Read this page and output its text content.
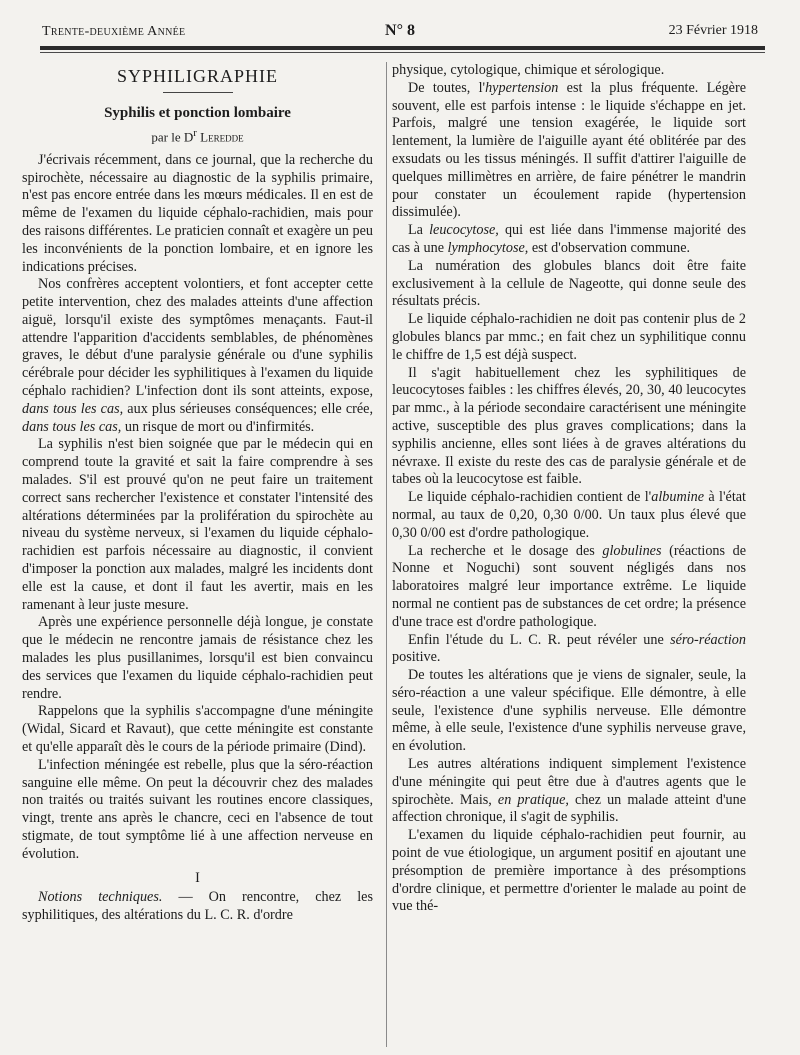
Trente-deuxième Année	N° 8	23 Février 1918
SYPHILIGRAPHIE
Syphilis et ponction lombaire
par le $D^r$ Leredde

J'écrivais récemment, dans ce journal, que la recherche du spirochète, nécessaire au diagnostic de la syphilis primaire, n'est pas encore entrée dans les mœurs médicales. Il en est de même de l'examen du liquide céphalo-rachidien, mais pour des raisons différentes. Le praticien connaît et exagère un peu les inconvénients de la ponction lombaire, et en ignore les indications précises.

Nos confrères acceptent volontiers, et font accepter cette petite intervention, chez des malades atteints d'une affection aiguë, lorsqu'il existe des symptômes menaçants. Faut-il attendre l'apparition d'accidents semblables, de phénomènes graves, le début d'une paralysie générale ou d'une syphilis cérébrale pour décider les syphilitiques à l'examen du liquide céphalo rachidien? L'infection dont ils sont atteints, expose, dans tous les cas, aux plus sérieuses conséquences; elle crée, dans tous les cas, un risque de mort ou d'infirmités.

La syphilis n'est bien soignée que par le médecin qui en comprend toute la gravité et sait la faire comprendre à ses malades. S'il est prouvé qu'on ne peut faire un traitement correct sans rechercher l'existence et constater l'intensité des altérations déterminées par la prolifération du spirochète au niveau du système nerveux, si l'examen du liquide céphalo-rachidien est parfois nécessaire au diagnostic, il convient d'imposer la ponction aux malades, malgré les incidents dont elle est la cause, et dont il faut les avertir, mais en les ramenant à leur juste mesure.

Après une expérience personnelle déjà longue, je constate que le médecin ne rencontre jamais de résistance chez les malades les plus pusillanimes, lorsqu'il est bien convaincu des services que l'examen du liquide céphalo-rachidien peut rendre.

Rappelons que la syphilis s'accompagne d'une méningite (Widal, Sicard et Ravaut), que cette méningite est constante et qu'elle apparaît dès le cours de la période primaire (Dind).

L'infection méningée est rebelle, plus que la séro-réaction sanguine elle même. On peut la découvrir chez des malades non traités ou traités suivant les routines encore classiques, vingt, trente ans après le chancre, ceci en l'absence de tout stigmate, de tout symptôme lié à une affection nerveuse en évolution.

I

Notions techniques. — On rencontre, chez les syphilitiques, des altérations du L. C. R. d'ordre

physique, cytologique, chimique et sérologique.

De toutes, l'hypertension est la plus fréquente. Légère souvent, elle est parfois intense : le liquide s'échappe en jet. Parfois, malgré une tension exagérée, le liquide sort lentement, la lumière de l'aiguille ayant été oblitérée par des exsudats ou les tissus méningés. Il suffit d'attirer l'aiguille de quelques millimètres en arrière, de faire pénétrer le mandrin pour constater un écoulement rapide (hypertension dissimulée).

La leucocytose, qui est liée dans l'immense majorité des cas à une lymphocytose, est d'observation commune.

La numération des globules blancs doit être faite exclusivement à la cellule de Nageotte, qui donne seule des résultats précis.

Le liquide céphalo-rachidien ne doit pas contenir plus de 2 globules blancs par mmc.; en fait chez un syphilitique connu le chiffre de 1,5 est déjà suspect.

Il s'agit habituellement chez les syphilitiques de leucocytoses faibles : les chiffres élevés, 20, 30, 40 leucocytes par mmc., à la période secondaire caractérisent une méningite active, susceptible des plus graves complications; dans la syphilis ancienne, elles sont liées à de graves altérations du névraxe. Il existe du reste des cas de paralysie générale et de tabes où la leucocytose est faible.

Le liquide céphalo-rachidien contient de l'albumine à l'état normal, au taux de 0,20, 0,30 0/00. Un taux plus élevé que 0,30 0/00 est d'ordre pathologique.

La recherche et le dosage des globulines (réactions de Nonne et Noguchi) sont souvent négligés dans nos laboratoires malgré leur importance extrême. Le liquide normal ne contient pas de substances de cet ordre; la présence d'une trace est d'ordre pathologique.

Enfin l'étude du L. C. R. peut révéler une séro-réaction positive.

De toutes les altérations que je viens de signaler, seule, la séro-réaction a une valeur spécifique. Elle démontre, à elle seule, l'existence d'une syphilis nerveuse. Elle démontre même, à elle seule, l'existence d'une syphilis nerveuse grave, en évolution.

Les autres altérations indiquent simplement l'existence d'une méningite qui peut être due à d'autres agents que le spirochète. Mais, en pratique, chez un malade atteint d'une affection chronique, il s'agit de syphilis.

L'examen du liquide céphalo-rachidien peut fournir, au point de vue étiologique, un argument positif en ajoutant une présomption de première importance à des présomptions d'ordre clinique, et permettre d'orienter le malade au point de vue thé-
